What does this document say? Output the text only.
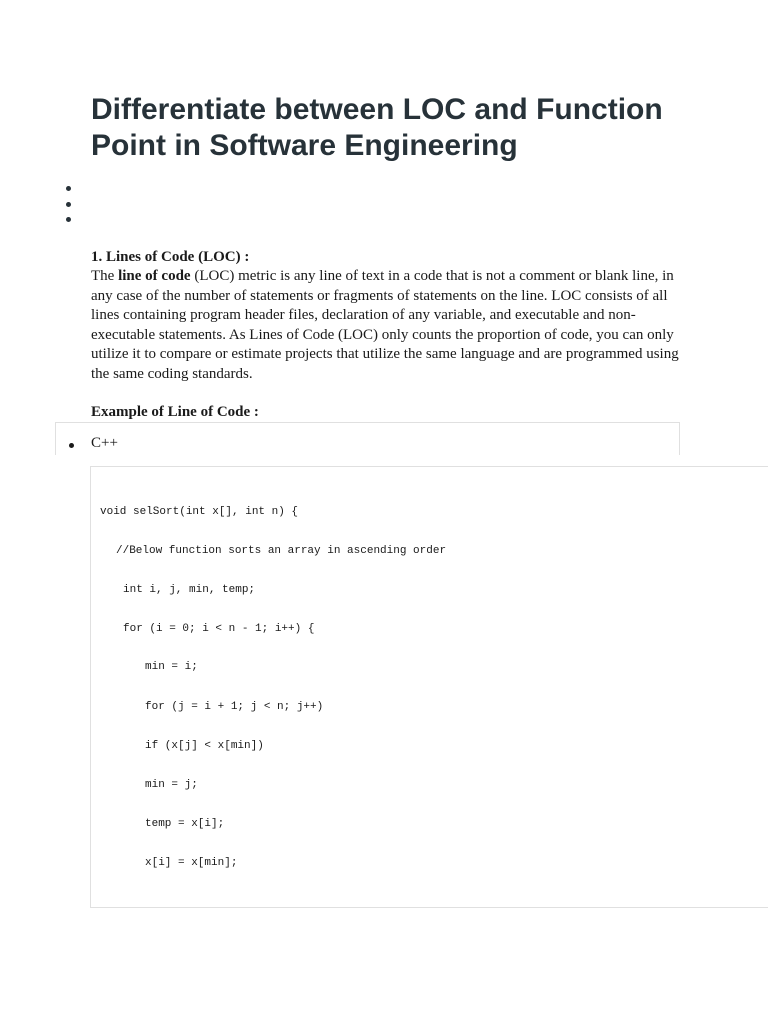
Differentiate between LOC and Function Point in Software Engineering
1. Lines of Code (LOC) :
The line of code (LOC) metric is any line of text in a code that is not a comment or blank line, in any case of the number of statements or fragments of statements on the line. LOC consists of all lines containing program header files, declaration of any variable, and executable and non-executable statements. As Lines of Code (LOC) only counts the proportion of code, you can only utilize it to compare or estimate projects that utilize the same language and are programmed using the same coding standards.
Example of Line of Code :
C++
void selSort(int x[], int n) {
//Below function sorts an array in ascending order
int i, j, min, temp;
for (i = 0; i < n - 1; i++) {
min = i;
for (j = i + 1; j < n; j++)
if (x[j] < x[min])
min = j;
temp = x[i];
x[i] = x[min];
